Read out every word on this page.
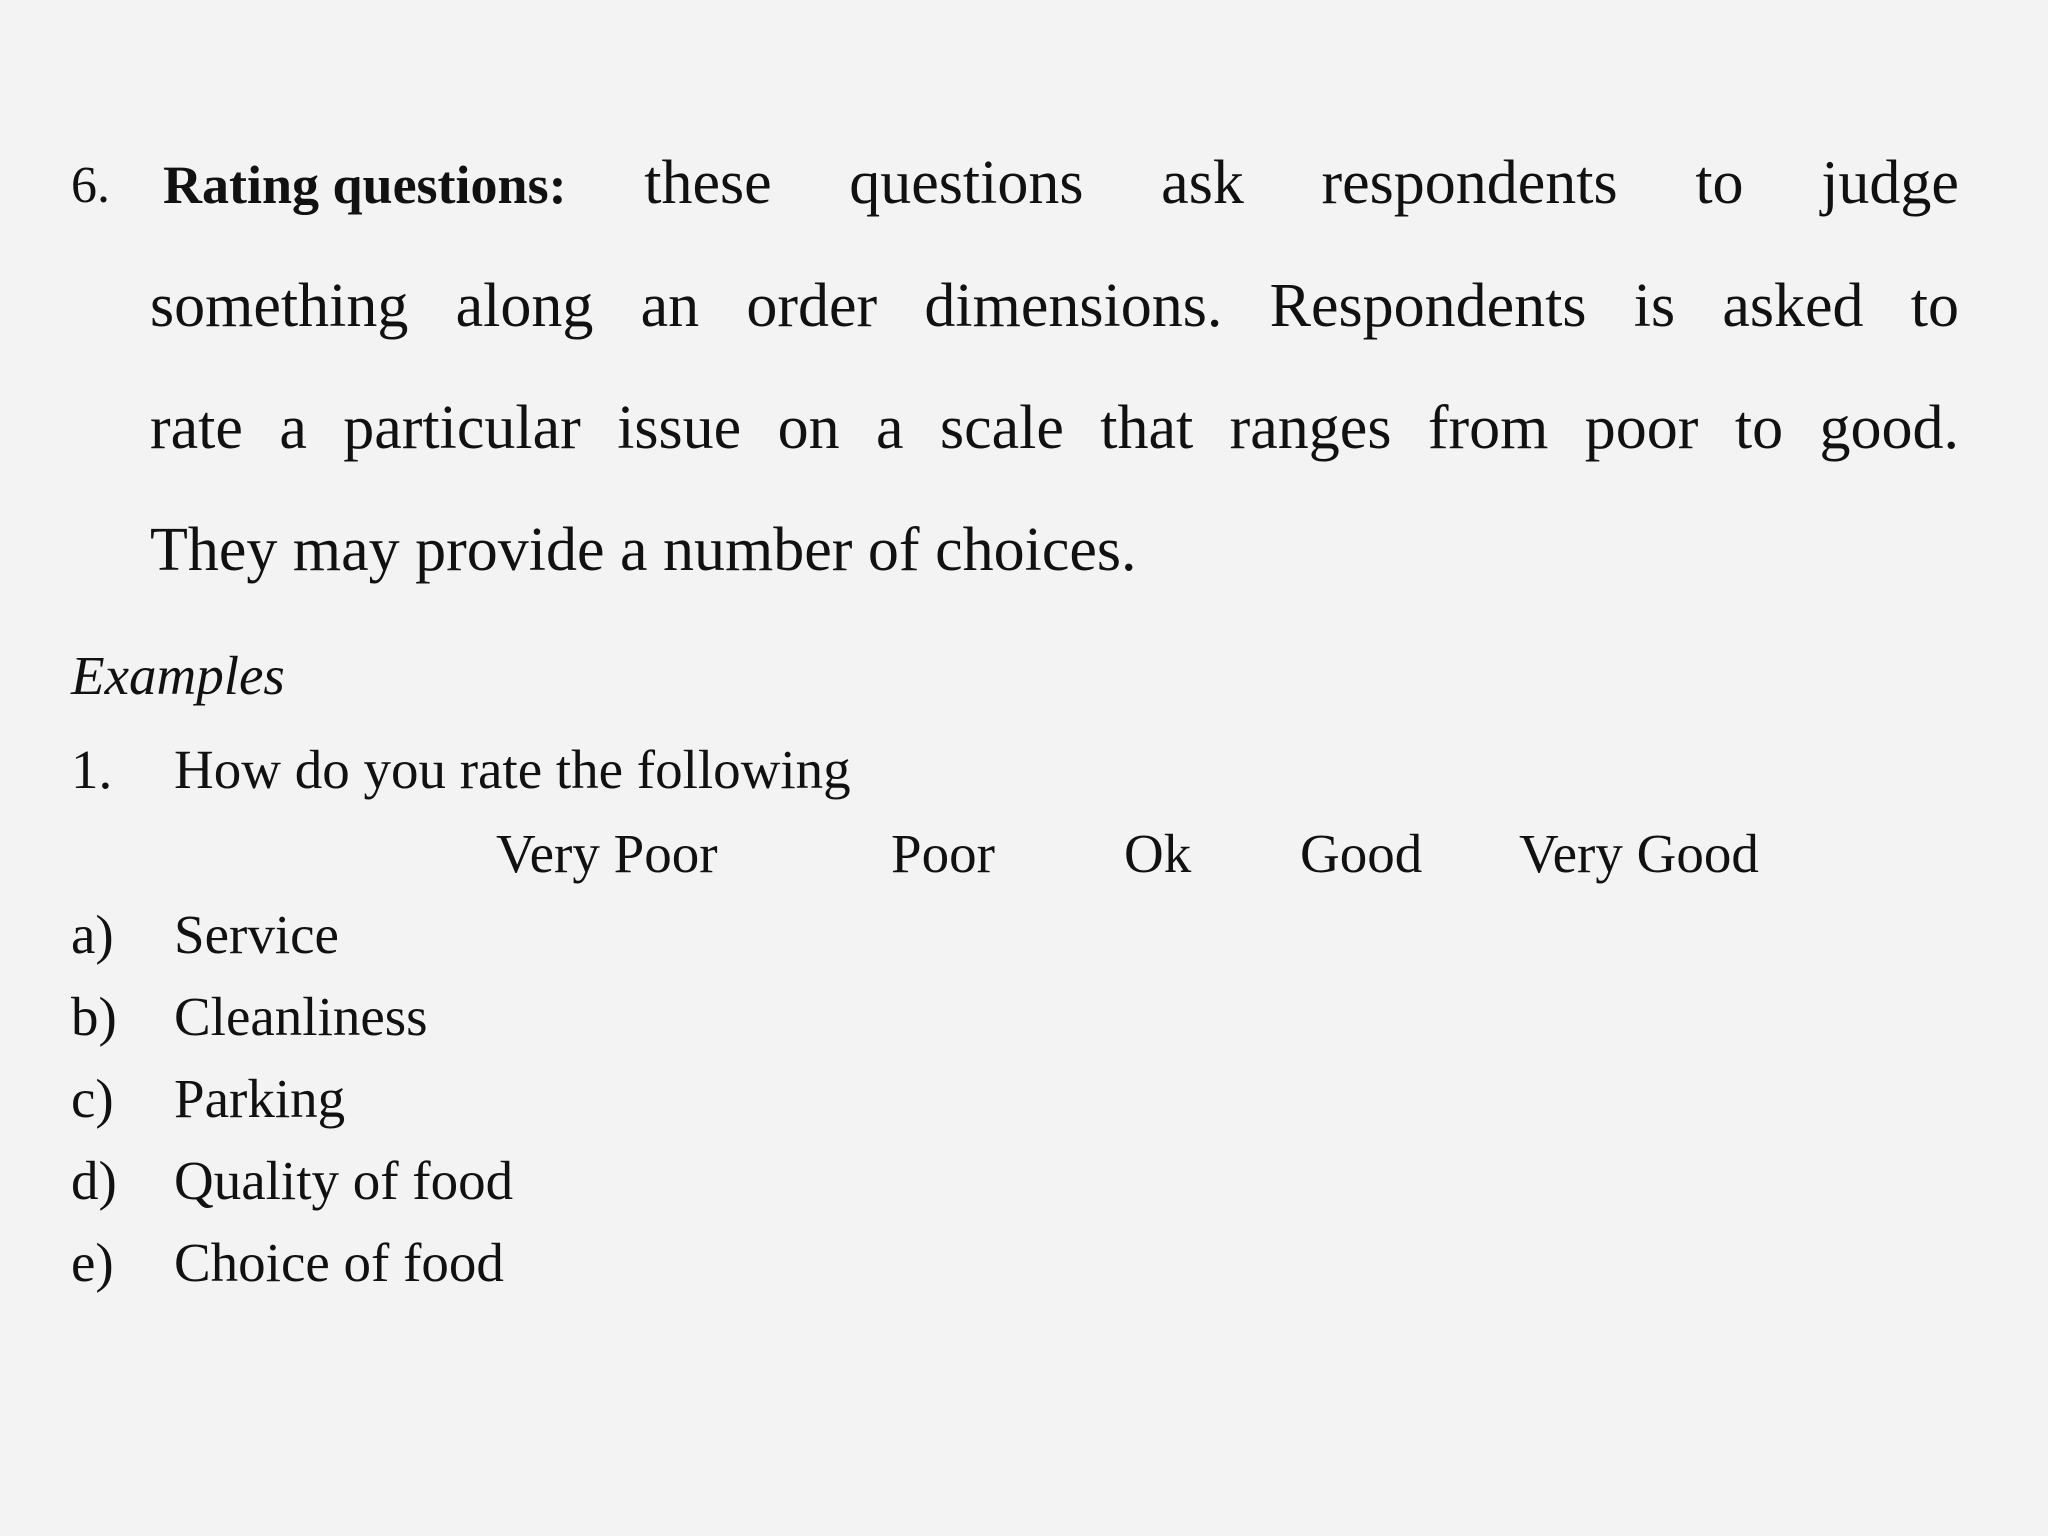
6. Rating questions: these questions ask respondents to judge
something along an order dimensions. Respondents is asked to
rate a particular issue on a scale that ranges from poor to good.
They may provide a number of choices.
Examples
1. How do you rate the following
Very Poor	Poor Ok Good Very Good
a) Service
b) Cleanliness
c) Parking
d) Quality of food
e) Choice of food
